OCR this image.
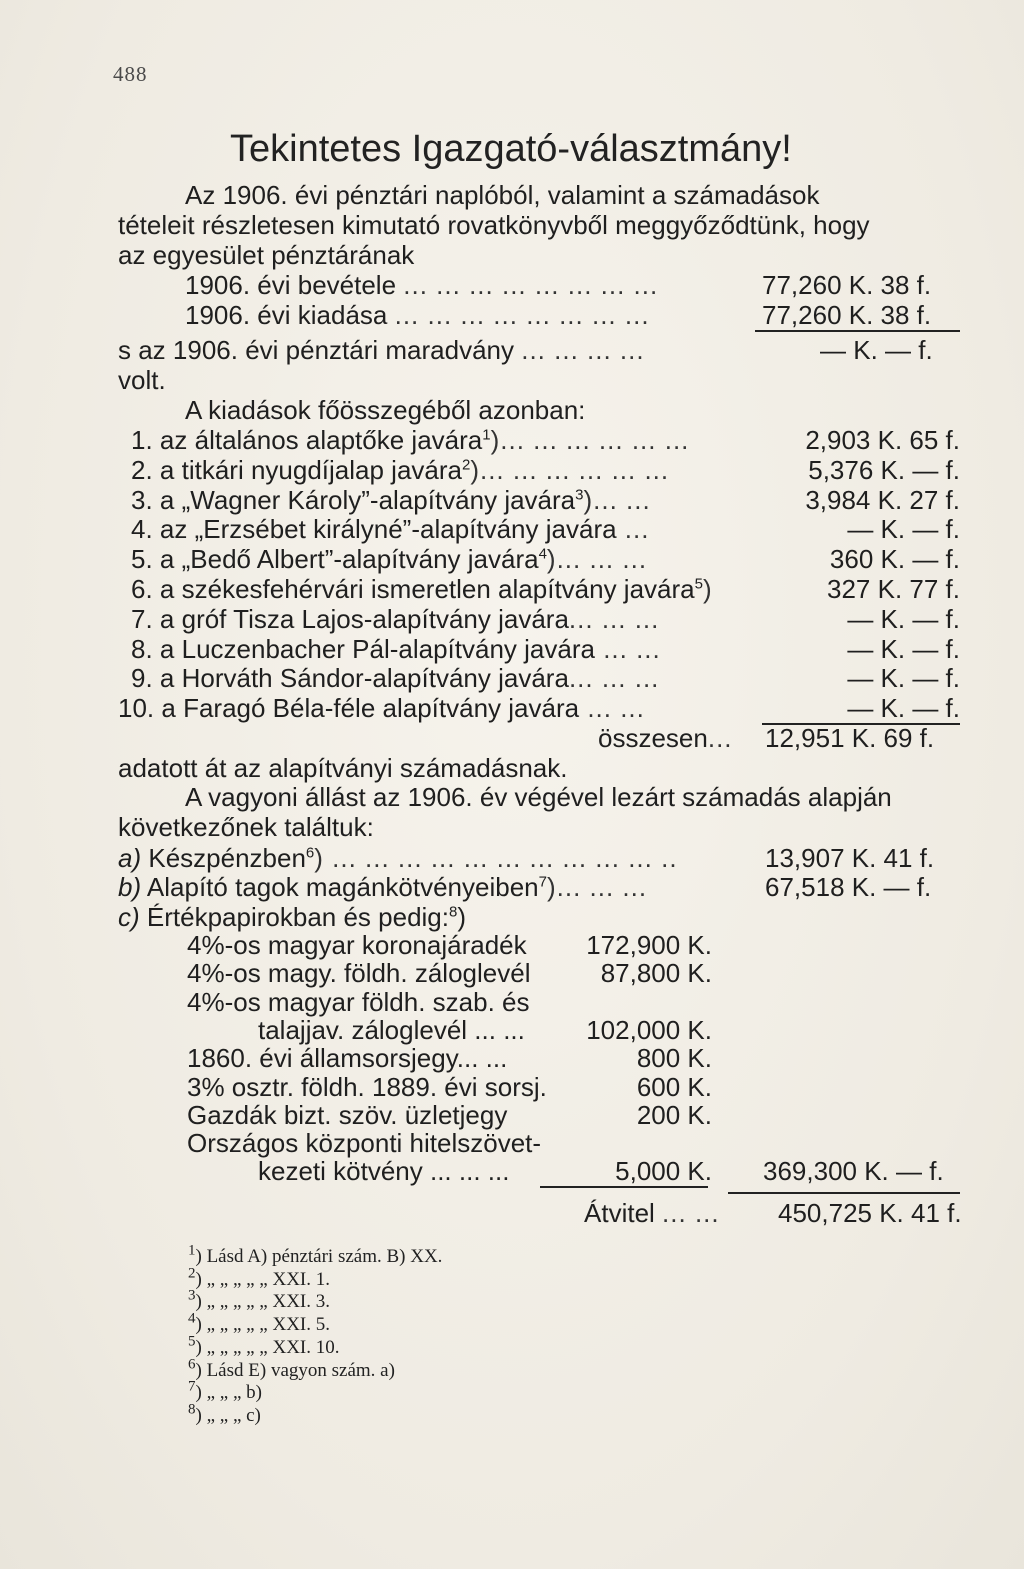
488
Tekintetes Igazgató-választmány!
Az 1906. évi pénztári naplóból, valamint a számadások
tételeit részletesen kimutató rovatkönyvből meggyőződtünk, hogy
az egyesület pénztárának
1906. évi bevétele ... ... ... ... ... ... ... ...	77,260 K. 38 f.
1906. évi kiadása ... ... ... ... ... ... ... ...	77,260 K. 38 f.
s az 1906. évi pénztári maradvány ... ... ... ...	— K. — f.
volt.
A kiadások főösszegéből azonban:
1. az általános alaptőke javára$^1$)... ... ... ... ... ...	2,903 K. 65 f.
2. a titkári nyugdíjalap javára$^2$)... ... ... ... ... ...	5,376 K. — f.
3. a „Wagner Károly”-alapítvány javára$^3$)... ...	3,984 K. 27 f.
4. az „Erzsébet királyné”-alapítvány javára ...	— K. — f.
5. a „Bedő Albert”-alapítvány javára$^4$)... ... ...	360 K. — f.
6. a székesfehérvári ismeretlen alapítvány javára$^5$)	327 K. 77 f.
7. a gróf Tisza Lajos-alapítvány javára... ... ...	— K. — f.
8. a Luczenbacher Pál-alapítvány javára ... ...	— K. — f.
9. a Horváth Sándor-alapítvány javára... ... ...	— K. — f.
10. a Faragó Béla-féle alapítvány javára ... ...	— K. — f.
összesen... 12,951 K. 69 f.
adatott át az alapítványi számadásnak.
A vagyoni állást az 1906. év végével lezárt számadás alapján
következőnek találtuk:
a) Készpénzben$^6$) ... ... ... ... ... ... ... ... ... ... ..	13,907 K. 41 f.
b) Alapító tagok magánkötvényeiben$^7$)... ... ...	67,518 K. — f.
c) Értékpapirokban és pedig:$^8$)
4%-os magyar koronajáradék 172,900 K.
4%-os magy. földh. záloglevél	87,800 K.
4%-os magyar földh. szab. és
talajjav. záloglevél ... ... 102,000 K.
1860. évi államsorsjegy... ...	800 K.
3% osztr. földh. 1889. évi sorsj.	600 K.
Gazdák bizt. szöv. üzletjegy	200 K.
Országos központi hitelszövet-
kezeti kötvény ... ... ...	5,000 K. 369,300 K. — f.
Átvitel ... ... 450,725 K. 41 f.
$^1$) Lásd A) pénztári szám. B) XX.
$^2$) „ „ „ „ „ XXI. 1.
$^3$) „ „ „ „ „ XXI. 3.
$^4$) „ „ „ „ „ XXI. 5.
$^5$) „ „ „ „ „ XXI. 10.
$^6$) Lásd E) vagyon szám. a)
$^7$) „ „ „ b)
$^8$) „ „ „ c)
